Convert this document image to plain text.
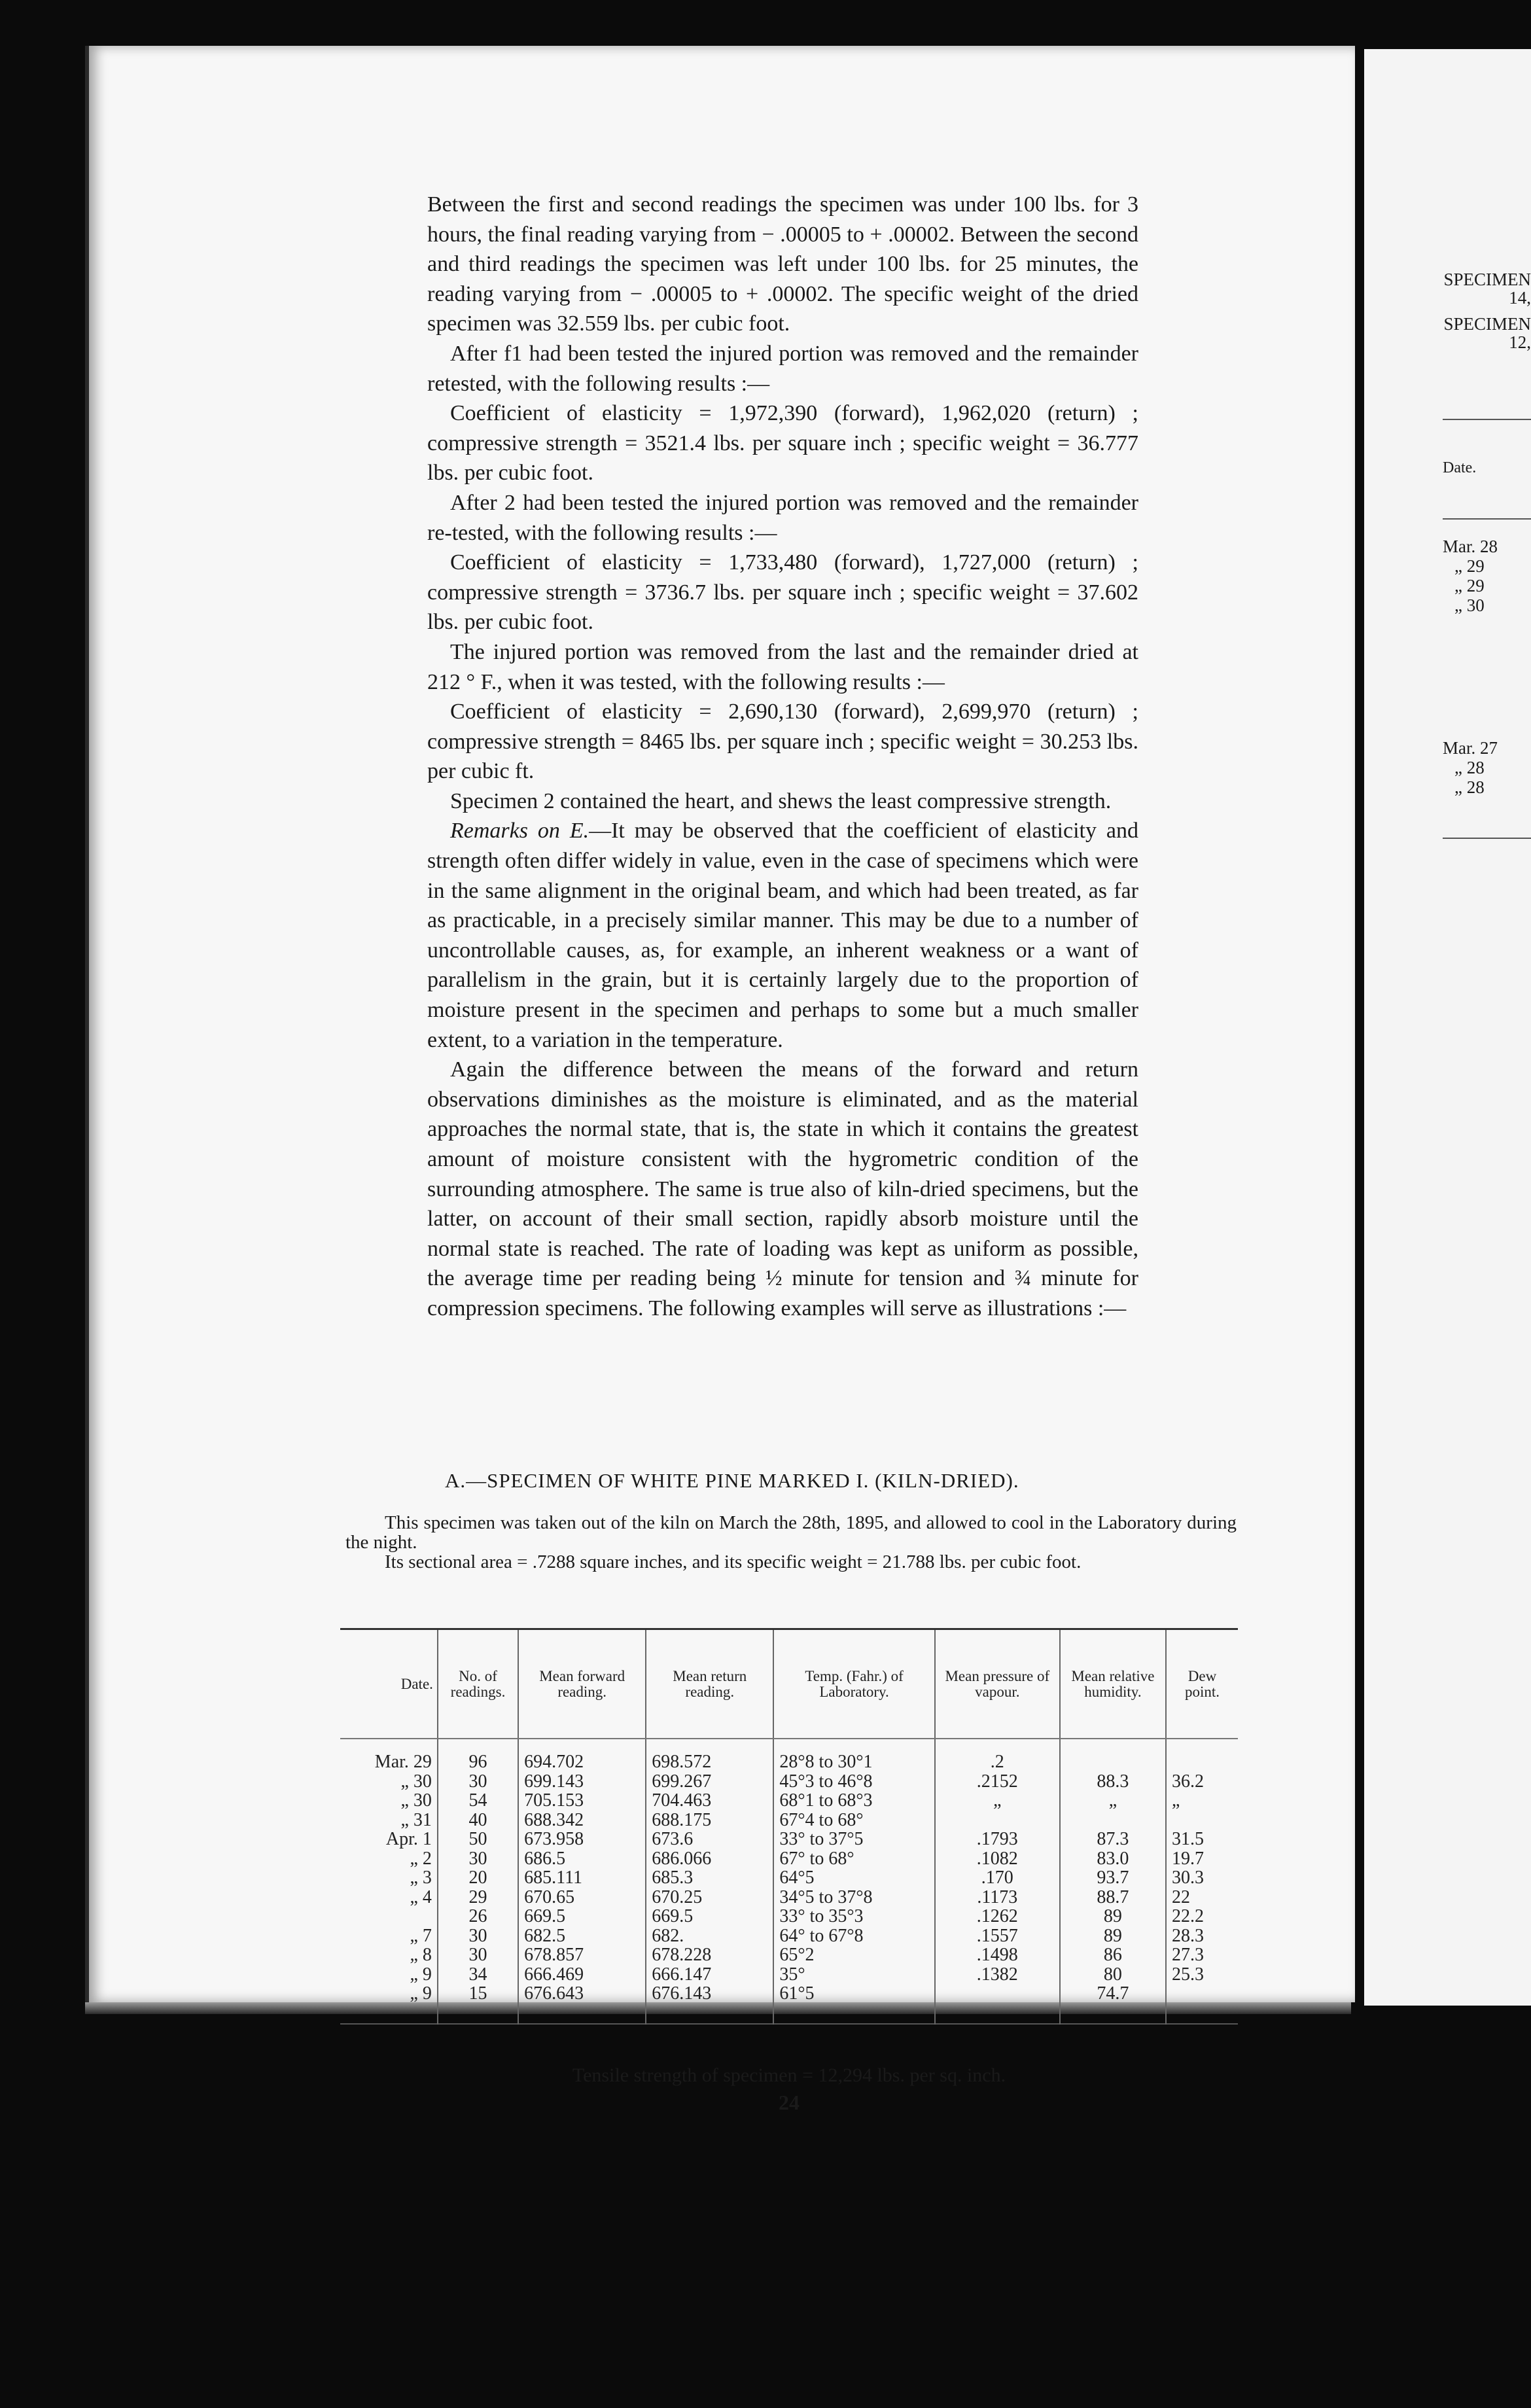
Between the first and second readings the specimen was under 100 lbs. for 3 hours, the final reading varying from − .00005 to + .00002. Between the second and third readings the specimen was left under 100 lbs. for 25 minutes, the reading varying from − .00005 to + .00002. The specific weight of the dried specimen was 32.559 lbs. per cubic foot.

After f1 had been tested the injured portion was removed and the remainder retested, with the following results :—

Coefficient of elasticity = 1,972,390 (forward), 1,962,020 (return) ; compressive strength = 3521.4 lbs. per square inch ; specific weight = 36.777 lbs. per cubic foot.

After 2 had been tested the injured portion was removed and the remainder re-tested, with the following results :—

Coefficient of elasticity = 1,733,480 (forward), 1,727,000 (return) ; compressive strength = 3736.7 lbs. per square inch ; specific weight = 37.602 lbs. per cubic foot.

The injured portion was removed from the last and the remainder dried at 212 ° F., when it was tested, with the following results :—

Coefficient of elasticity = 2,690,130 (forward), 2,699,970 (return) ; compressive strength = 8465 lbs. per square inch ; specific weight = 30.253 lbs. per cubic ft.

Specimen 2 contained the heart, and shews the least compressive strength.

Remarks on E.—It may be observed that the coefficient of elasticity and strength often differ widely in value, even in the case of specimens which were in the same alignment in the original beam, and which had been treated, as far as practicable, in a precisely similar manner. This may be due to a number of uncontrollable causes, as, for example, an inherent weakness or a want of parallelism in the grain, but it is certainly largely due to the proportion of moisture present in the specimen and perhaps to some but a much smaller extent, to a variation in the temperature.

Again the difference between the means of the forward and return observations diminishes as the moisture is eliminated, and as the material approaches the normal state, that is, the state in which it contains the greatest amount of moisture consistent with the hygrometric condition of the surrounding atmosphere. The same is true also of kiln-dried specimens, but the latter, on account of their small section, rapidly absorb moisture until the normal state is reached. The rate of loading was kept as uniform as possible, the average time per reading being ½ minute for tension and ¾ minute for compression specimens. The following examples will serve as illustrations :—

A.—SPECIMEN OF WHITE PINE MARKED I. (KILN-DRIED).

This specimen was taken out of the kiln on March the 28th, 1895, and allowed to cool in the Laboratory during the night.

Its sectional area = .7288 square inches, and its specific weight = 21.788 lbs. per cubic foot.

Date.	No. of readings.	Mean forward reading.	Mean return reading.	Temp. (Fahr.) of Laboratory.	Mean pressure of vapour.	Mean relative humidity.	Dew point.
Mar. 29	96	694.702	698.572	28°8 to 30°1	.2		
„ 30	30	699.143	699.267	45°3 to 46°8	.2152	88.3	36.2
„ 30	54	705.153	704.463	68°1 to 68°3	„	„	„
„ 31	40	688.342	688.175	67°4 to 68°			
Apr. 1	50	673.958	673.6	33° to 37°5	.1793	87.3	31.5
„ 2	30	686.5	686.066	67° to 68°	.1082	83.0	19.7
„ 3	20	685.111	685.3	64°5	.170	93.7	30.3
„ 4	29	670.65	670.25	34°5 to 37°8	.1173	88.7	22
	26	669.5	669.5	33° to 35°3	.1262	89	22.2
„ 7	30	682.5	682.	64° to 67°8	.1557	89	28.3
„ 8	30	678.857	678.228	65°2	.1498	86	27.3
„ 9	34	666.469	666.147	35°	.1382	80	25.3
„ 9	15	676.643	676.143	61°5		74.7	
Tensile strength of specimen = 12,294 lbs. per sq. inch.
24
SPECIMEN
14,
SPECIMEN
12,
Date.
Mar. 28
„ 29
„ 29
„ 30
Mar. 27
„ 28
„ 28
